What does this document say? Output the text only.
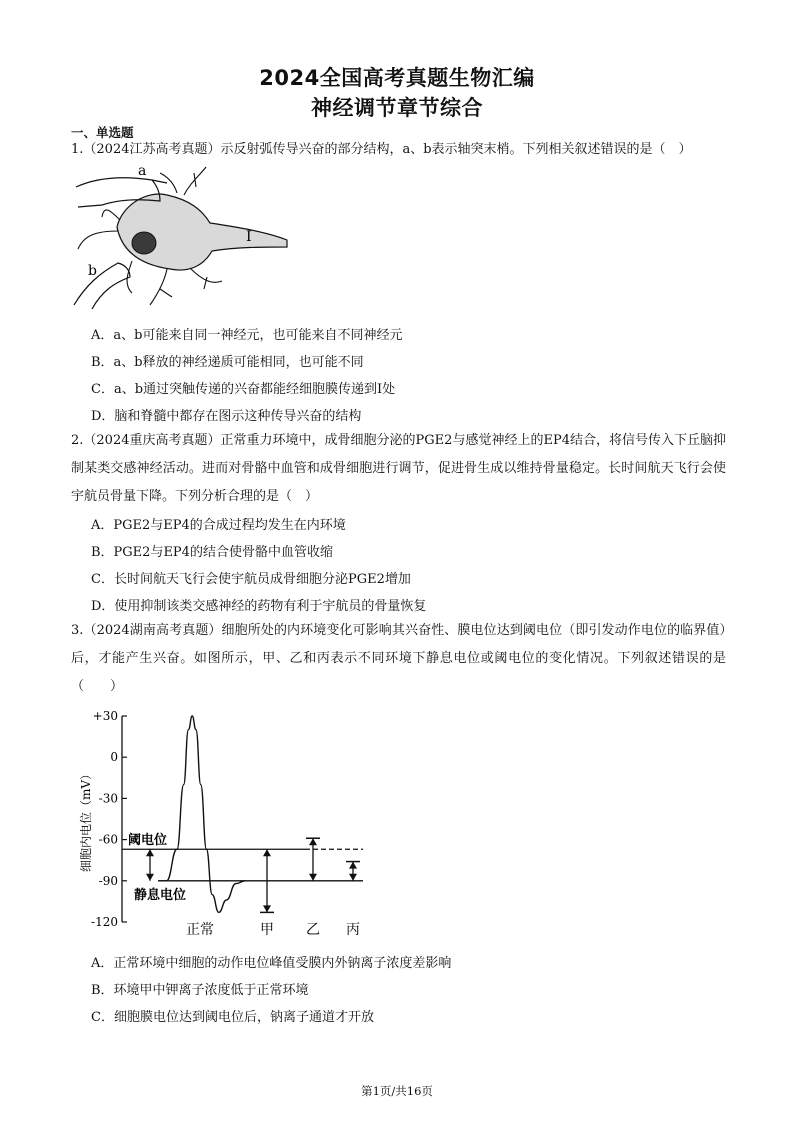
2024全国高考真题生物汇编
神经调节章节综合
一、单选题
1.（2024江苏高考真题）示反射弧传导兴奋的部分结构，a、b表示轴突末梢。下列相关叙述错误的是（　）
a
b
I
A．a、b可能来自同一神经元，也可能来自不同神经元
B．a、b释放的神经递质可能相同，也可能不同
C．a、b通过突触传递的兴奋都能经细胞膜传递到Ⅰ处
D．脑和脊髓中都存在图示这种传导兴奋的结构
2.（2024重庆高考真题）正常重力环境中，成骨细胞分泌的PGE2与感觉神经上的EP4结合，将信号传入下丘脑抑制某类交感神经活动。进而对骨骼中血管和成骨细胞进行调节，促进骨生成以维持骨量稳定。长时间航天飞行会使宇航员骨量下降。下列分析合理的是（　）
A．PGE2与EP4的合成过程均发生在内环境
B．PGE2与EP4的结合使骨骼中血管收缩
C．长时间航天飞行会使宇航员成骨细胞分泌PGE2增加
D．使用抑制该类交感神经的药物有利于宇航员的骨量恢复
3.（2024湖南高考真题）细胞所处的内环境变化可影响其兴奋性、膜电位达到阈电位（即引发动作电位的临界值）后，才能产生兴奋。如图所示，甲、乙和丙表示不同环境下静息电位或阈电位的变化情况。下列叙述错误的是（　　）
细胞内电位（mV）
+30
0
-30
-60
-90
-120
阈电位
静息电位
正常	甲 乙 丙
A．正常环境中细胞的动作电位峰值受膜内外钠离子浓度差影响
B．环境甲中钾离子浓度低于正常环境
C．细胞膜电位达到阈电位后，钠离子通道才开放
第1页/共16页
